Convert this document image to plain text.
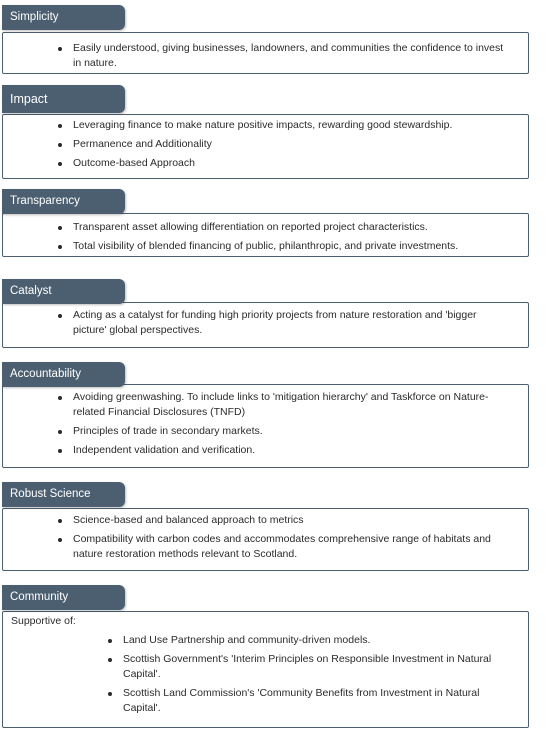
Simplicity
Easily understood, giving businesses, landowners, and communities the confidence to invest in nature.
Impact
Leveraging finance to make nature positive impacts, rewarding good stewardship.
Permanence and Additionality
Outcome-based Approach
Transparency
Transparent asset allowing differentiation on reported project characteristics.
Total visibility of blended financing of public, philanthropic, and private investments.
Catalyst
Acting as a catalyst for funding high priority projects from nature restoration and 'bigger picture' global perspectives.
Accountability
Avoiding greenwashing. To include links to 'mitigation hierarchy' and Taskforce on Nature-related Financial Disclosures (TNFD)
Principles of trade in secondary markets.
Independent validation and verification.
Robust Science
Science-based and balanced approach to metrics
Compatibility with carbon codes and accommodates comprehensive range of habitats and nature restoration methods relevant to Scotland.
Community
Supportive of:
Land Use Partnership and community-driven models.
Scottish Government's 'Interim Principles on Responsible Investment in Natural Capital'.
Scottish Land Commission's 'Community Benefits from Investment in Natural Capital'.
